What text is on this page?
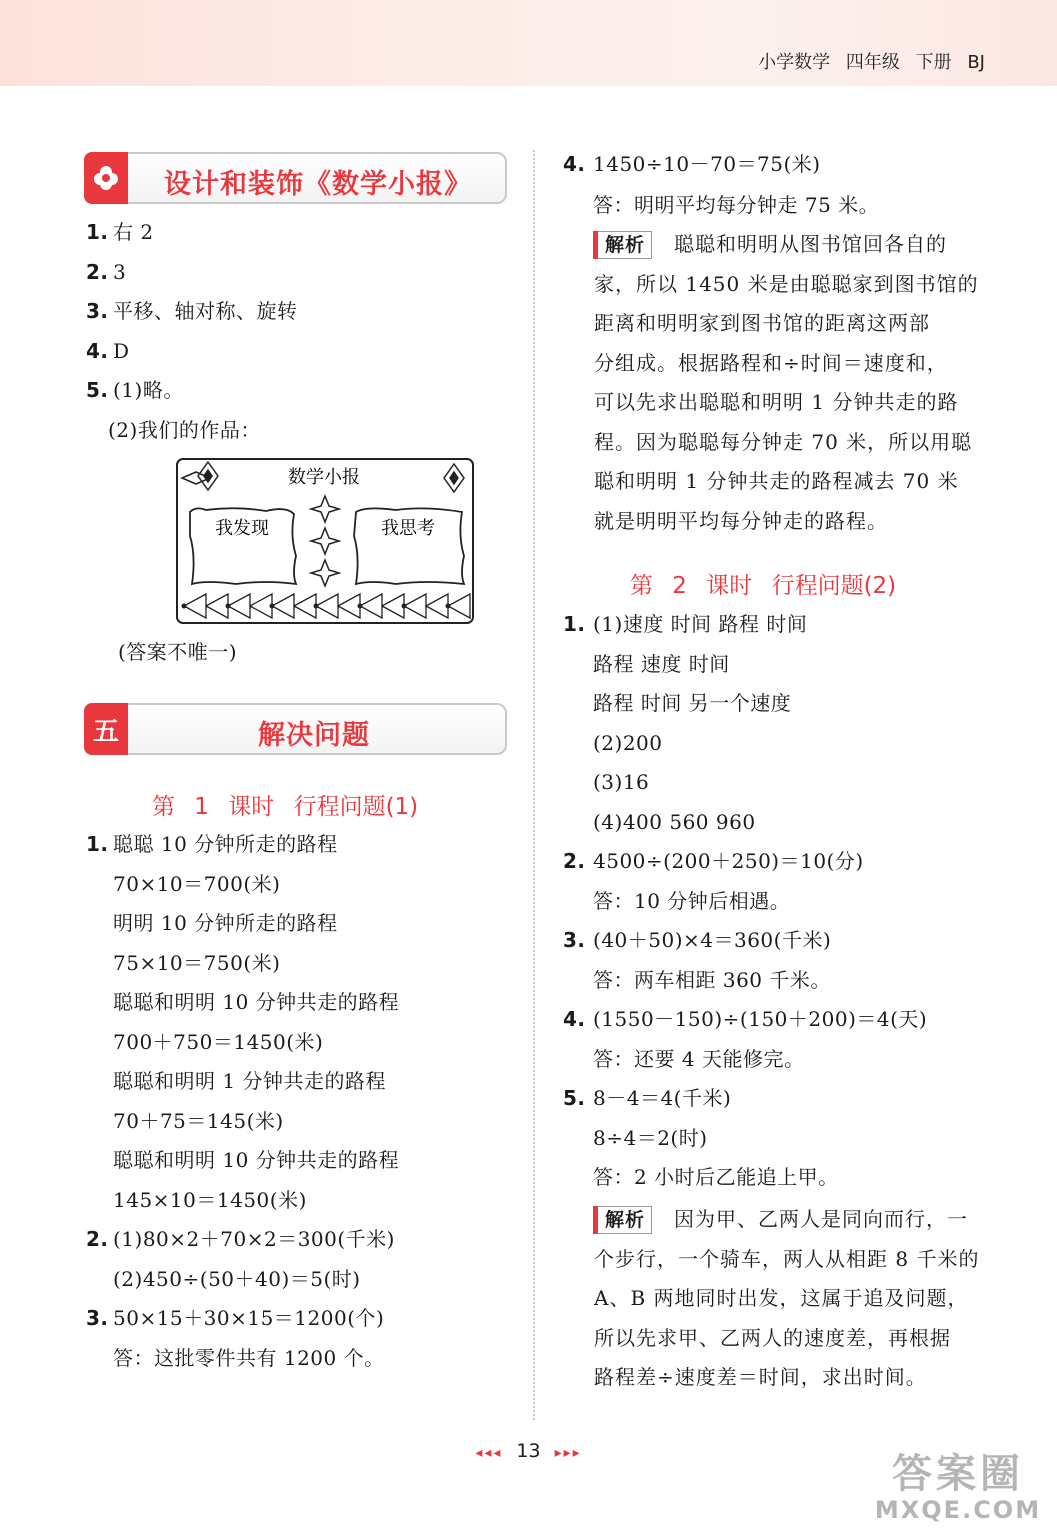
小学数学 四年级 下册 BJ
设计和装饰《数学小报》
1. 右 2
2. 3
3. 平移、轴对称、旋转
4. D
5. (1)略。
(2)我们的作品：
数学小报
我发现	我思考
(答案不唯一)
五	解决问题
第 1 课时 行程问题(1)
1. 聪聪 10 分钟所走的路程
70×10＝700(米)
明明 10 分钟所走的路程
75×10＝750(米)
聪聪和明明 10 分钟共走的路程
700＋750＝1450(米)
聪聪和明明 1 分钟共走的路程
70＋75＝145(米)
聪聪和明明 10 分钟共走的路程
145×10＝1450(米)
2. (1)80×2＋70×2＝300(千米)
(2)450÷(50＋40)＝5(时)
3. 50×15＋30×15＝1200(个)
答：这批零件共有 1200 个。
4. 1450÷10－70＝75(米)
答：明明平均每分钟走 75 米。
解析 聪聪和明明从图书馆回各自的
家，所以 1450 米是由聪聪家到图书馆的
距离和明明家到图书馆的距离这两部
分组成。根据路程和÷时间＝速度和，
可以先求出聪聪和明明 1 分钟共走的路
程。因为聪聪每分钟走 70 米，所以用聪
聪和明明 1 分钟共走的路程减去 70 米
就是明明平均每分钟走的路程。
第 2 课时 行程问题(2)
1. (1)速度 时间 路程 时间
路程 速度 时间
路程 时间 另一个速度
(2)200
(3)16
(4)400 560 960
2. 4500÷(200＋250)＝10(分)
答：10 分钟后相遇。
3. (40＋50)×4＝360(千米)
答：两车相距 360 千米。
4. (1550－150)÷(150＋200)＝4(天)
答：还要 4 天能修完。
5. 8－4＝4(千米)
8÷4＝2(时)
答：2 小时后乙能追上甲。
解析 因为甲、乙两人是同向而行，一
个步行，一个骑车，两人从相距 8 千米的
A、B 两地同时出发，这属于追及问题，
所以先求甲、乙两人的速度差，再根据
路程差÷速度差＝时间，求出时间。
◂◂◂ 13 ▸▸▸	答案圈
MXQE.COM
